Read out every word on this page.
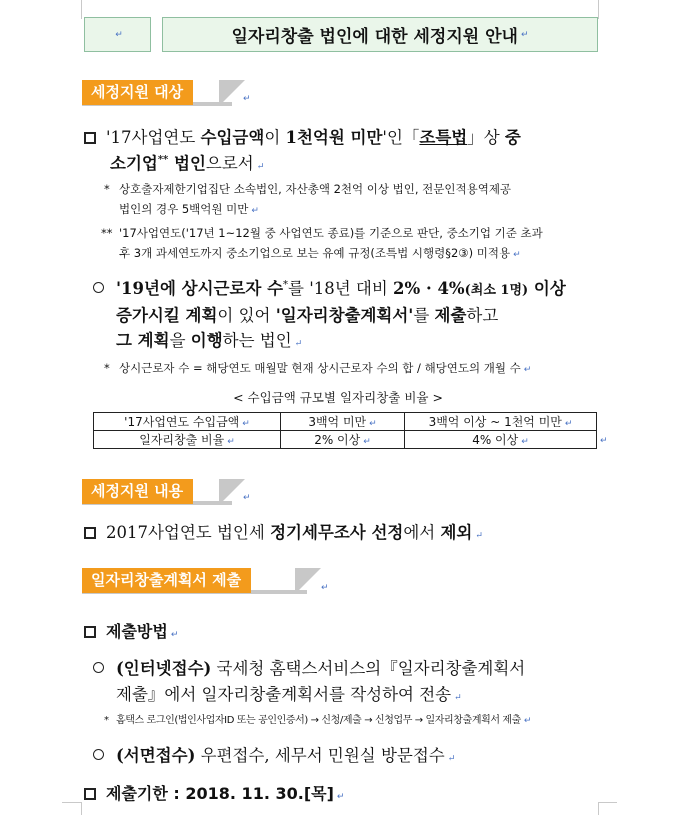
↵
일자리창출 법인에 대한 세정지원 안내
↵
세정지원 대상
↵
'17사업연도 수입금액이 1천억원 미만'인「조특법」상 중
소기업** 법인으로서 ↵
* 상호출자제한기업집단 소속법인, 자산총액 2천억 이상 법인, 전문인적용역제공
법인의 경우 5백억원 미만 ↵
** '17사업연도('17년 1~12월 중 사업연도 종료)를 기준으로 판단, 중소기업 기준 초과
후 3개 과세연도까지 중소기업으로 보는 유예 규정(조특법 시행령§2③) 미적용 ↵
'19년에 상시근로자 수*를 '18년 대비 2% · 4%(최소 1명) 이상
증가시킬 계획이 있어 '일자리창출계획서'를 제출하고
그 계획을 이행하는 법인 ↵
* 상시근로자 수 = 해당연도 매월말 현재 상시근로자 수의 합 / 해당연도의 개월 수 ↵
< 수입금액 규모별 일자리창출 비율 >
'17사업연도 수입금액 ↵	3백억 미만 ↵	3백억 이상 ~ 1천억 미만 ↵
일자리창출 비율 ↵	2% 이상 ↵	4% 이상 ↵
↵
세정지원 내용
↵
2017사업연도 법인세 정기세무조사 선정에서 제외 ↵
일자리창출계획서 제출
↵
제출방법 ↵
(인터넷접수) 국세청 홈택스서비스의『일자리창출계획서
제출』에서 일자리창출계획서를 작성하여 전송 ↵
* 홈택스 로그인(법인사업자ID 또는 공인인증서) → 신청/제출 → 신청업무 → 일자리창출계획서 제출 ↵
(서면접수) 우편접수, 세무서 민원실 방문접수 ↵
제출기한 : 2018. 11. 30.[목] ↵
